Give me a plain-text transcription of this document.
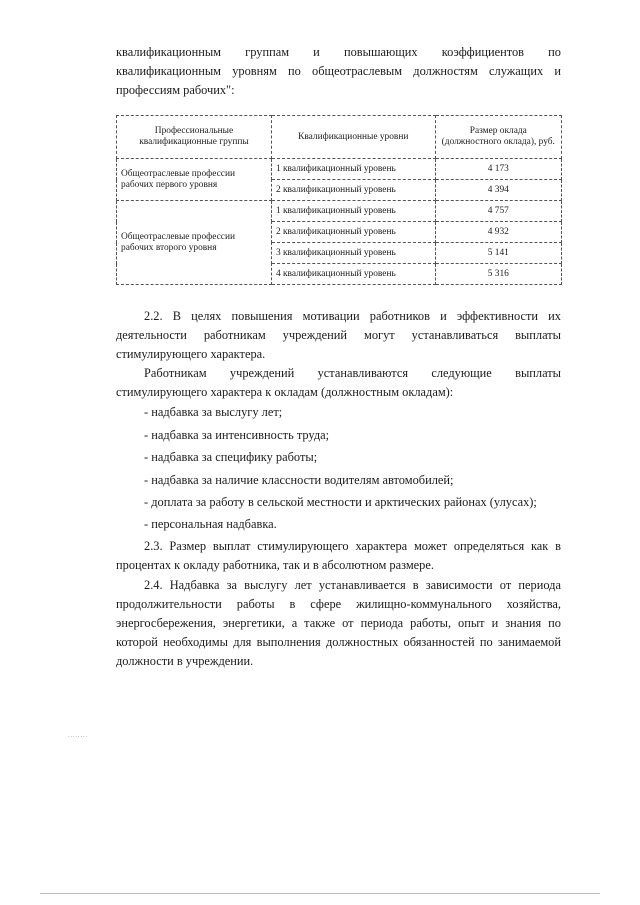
квалификационным группам и повышающих коэффициентов по
квалификационным уровням по общеотраслевым должностям служащих и
профессиям рабочих":

Профессиональные квалификационные группы	Квалификационные уровни	Размер оклада (должностного оклада), руб.
Общеотраслевые профессии рабочих первого уровня	1 квалификационный уровень	4 173
	2 квалификационный уровень	4 394
Общеотраслевые профессии рабочих второго уровня	1 квалификационный уровень	4 757
	2 квалификационный уровень	4 932
	3 квалификационный уровень	5 141
	4 квалификационный уровень	5 316

2.2. В целях повышения мотивации работников и эффективности их деятельности работникам учреждений могут устанавливаться выплаты стимулирующего характера.

Работникам учреждений устанавливаются следующие выплаты стимулирующего характера к окладам (должностным окладам):

- надбавка за выслугу лет;

- надбавка за интенсивность труда;

- надбавка за специфику работы;

- надбавка за наличие классности водителям автомобилей;

- доплата за работу в сельской местности и арктических районах (улусах);

- персональная надбавка.

2.3. Размер выплат стимулирующего характера может определяться как в процентах к окладу работника, так и в абсолютном размере.

2.4. Надбавка за выслугу лет устанавливается в зависимости от периода продолжительности работы в сфере жилищно-коммунального хозяйства, энергосбережения, энергетики, а также от периода работы, опыт и знания по которой необходимы для выполнения должностных обязанностей по занимаемой должности в учреждении.

........
